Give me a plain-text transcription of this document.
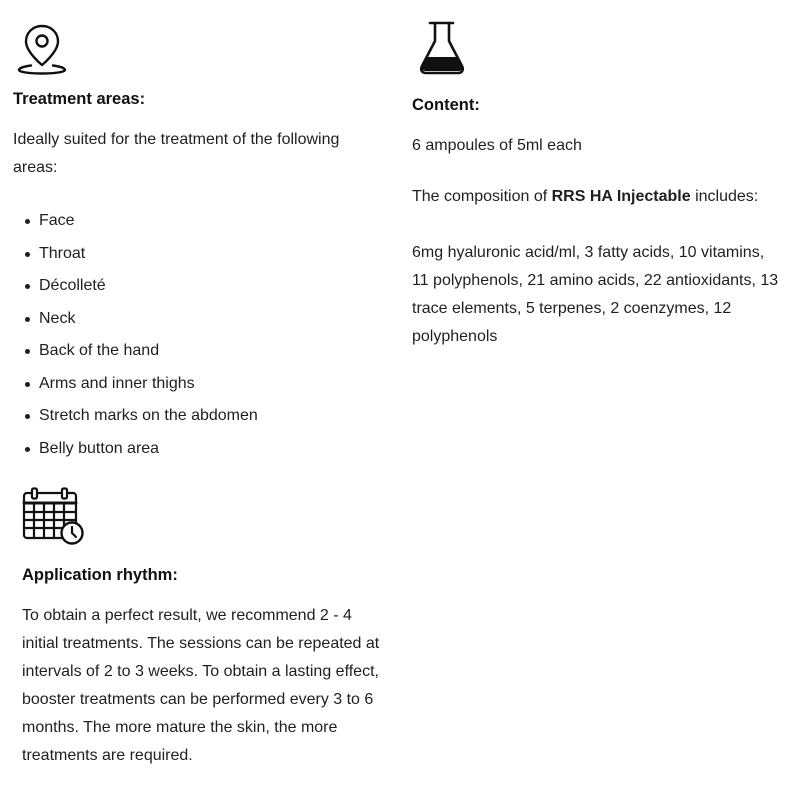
Treatment areas:
Ideally suited for the treatment of the following
areas:
Face
Throat
Décolleté
Neck
Back of the hand
Arms and inner thighs
Stretch marks on the abdomen
Belly button area
Content:
6 ampoules of 5ml each
The composition of RRS HA Injectable includes:
6mg hyaluronic acid/ml, 3 fatty acids, 10 vitamins,
11 polyphenols, 21 amino acids, 22 antioxidants, 13
trace elements, 5 terpenes, 2 coenzymes, 12
polyphenols
Application rhythm:
To obtain a perfect result, we recommend 2 - 4
initial treatments. The sessions can be repeated at
intervals of 2 to 3 weeks. To obtain a lasting effect,
booster treatments can be performed every 3 to 6
months. The more mature the skin, the more
treatments are required.
